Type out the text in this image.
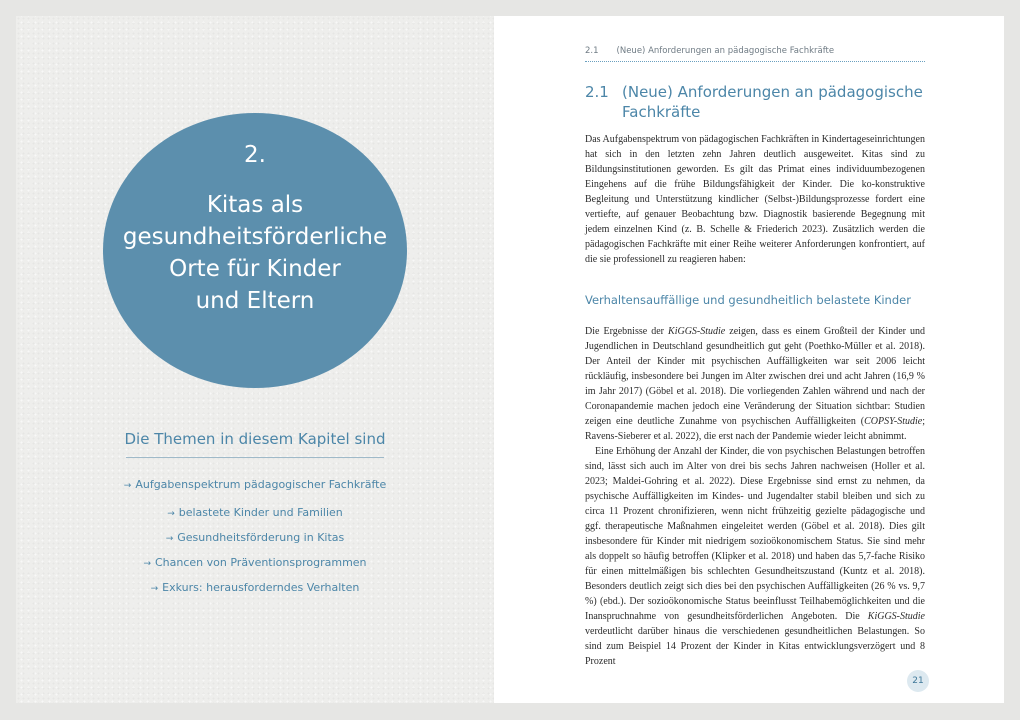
2.
Kitas als
gesundheitsförderliche
Orte für Kinder
und Eltern
Die Themen in diesem Kapitel sind
→ Aufgabenspektrum pädagogischer Fachkräfte
→ belastete Kinder und Familien
→ Gesundheitsförderung in Kitas
→ Chancen von Präventionsprogrammen
→ Exkurs: herausforderndes Verhalten
2.1 (Neue) Anforderungen an pädagogische Fachkräfte
2.1 (Neue) Anforderungen an pädagogische Fachkräfte

Das Aufgabenspektrum von pädagogischen Fachkräften in Kindertageseinrichtungen hat sich in den letzten zehn Jahren deutlich ausgeweitet. Kitas sind zu Bildungsinstitutionen geworden. Es gilt das Primat eines individuumbezogenen Eingehens auf die frühe Bildungsfähigkeit der Kinder. Die ko-konstruktive Begleitung und Unterstützung kindlicher (Selbst-)Bildungsprozesse fordert eine vertiefte, auf genauer Beobachtung bzw. Diagnostik basierende Begegnung mit jedem einzelnen Kind (z. B. Schelle & Friederich 2023). Zusätzlich werden die pädagogischen Fachkräfte mit einer Reihe weiterer Anforderungen konfrontiert, auf die sie professionell zu reagieren haben:

Verhaltensauffällige und gesundheitlich belastete Kinder

Die Ergebnisse der KiGGS-Studie zeigen, dass es einem Großteil der Kinder und Jugendlichen in Deutschland gesundheitlich gut geht (Poethko-Müller et al. 2018). Der Anteil der Kinder mit psychischen Auffälligkeiten war seit 2006 leicht rückläufig, insbesondere bei Jungen im Alter zwischen drei und acht Jahren (16,9 % im Jahr 2017) (Göbel et al. 2018). Die vorliegenden Zahlen während und nach der Coronapandemie machen jedoch eine Veränderung der Situation sichtbar: Studien zeigen eine deutliche Zunahme von psychischen Auffälligkeiten (COPSY-Studie; Ravens-Sieberer et al. 2022), die erst nach der Pandemie wieder leicht abnimmt.

Eine Erhöhung der Anzahl der Kinder, die von psychischen Belastungen betroffen sind, lässt sich auch im Alter von drei bis sechs Jahren nachweisen (Holler et al. 2023; Maldei-Gohring et al. 2022). Diese Ergebnisse sind ernst zu nehmen, da psychische Auffälligkeiten im Kindes- und Jugendalter stabil bleiben und sich zu circa 11 Prozent chronifizieren, wenn nicht frühzeitig gezielte pädagogische und ggf. therapeutische Maßnahmen eingeleitet werden (Göbel et al. 2018). Dies gilt insbesondere für Kinder mit niedrigem sozioökonomischem Status. Sie sind mehr als doppelt so häufig betroffen (Klipker et al. 2018) und haben das 5,7-fache Risiko für einen mittelmäßigen bis schlechten Gesundheitszustand (Kuntz et al. 2018). Besonders deutlich zeigt sich dies bei den psychischen Auffälligkeiten (26 % vs. 9,7 %) (ebd.). Der sozioökonomische Status beeinflusst Teilhabemöglichkeiten und die Inanspruchnahme von gesundheitsförderlichen Angeboten. Die KiGGS-Studie verdeutlicht darüber hinaus die verschiedenen gesundheitlichen Belastungen. So sind zum Beispiel 14 Prozent der Kinder in Kitas entwicklungsverzögert und 8 Prozent

21
